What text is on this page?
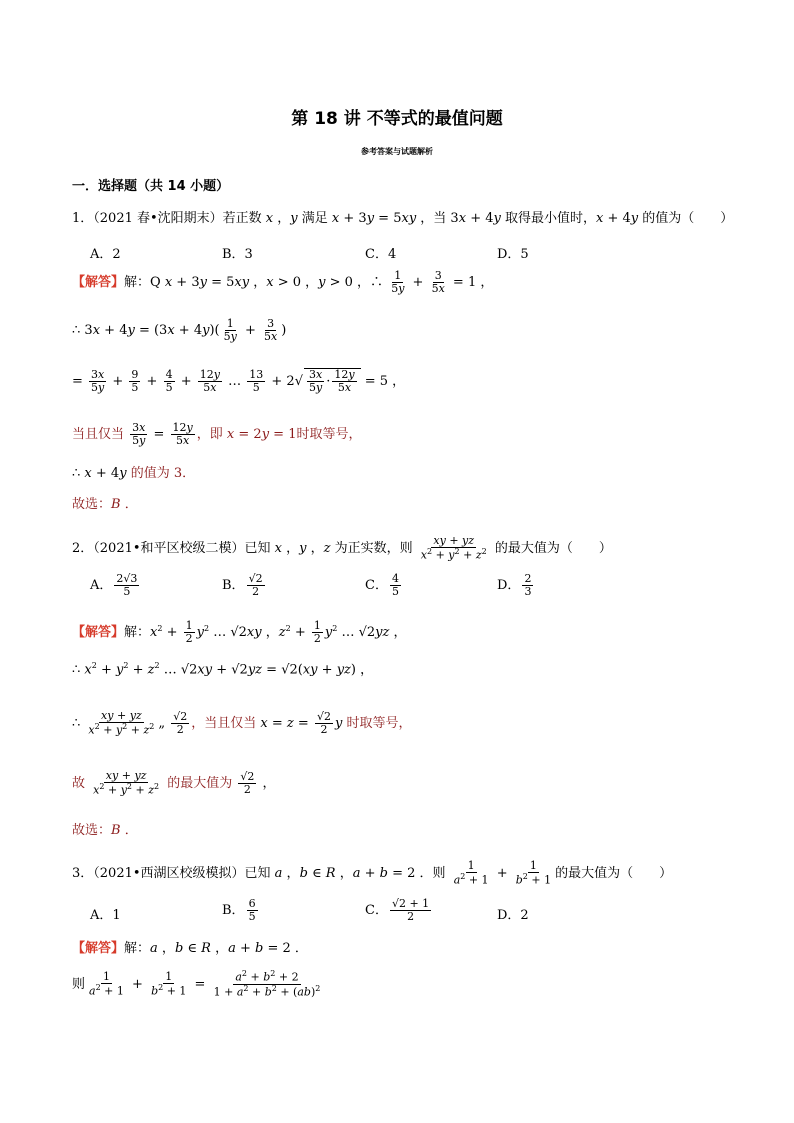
第 18 讲 不等式的最值问题
参考答案与试题解析
一．选择题（共 14 小题）
1．（2021 春•沈阳期末）若正数 x ，y 满足 x + 3y = 5xy ，当 3x + 4y 取得最小值时，x + 4y 的值为（　　）
A．2	B．3	C．4	D．5
【解答】解：Q x + 3y = 5xy ，x > 0 ，y > 0 ，∴ $\frac{1}{5y} + \frac{3}{5x} = 1$ ，
∴ $3x + 4y = (3x + 4y)( \frac{1}{5y} + \frac{3}{5x}$ )
= $\frac{3x}{5y} + \frac{9}{5} + \frac{4}{5} + \frac{12y}{5x}$ … $\frac{13}{5} + 2√ \frac{3x}{5y} \cdot \frac{12y}{5x} = 5$ ，
当且仅当 $\frac{3x}{5y} = \frac{12y}{5x}$ ，即 x = 2y = 1时取等号，
∴ x + 4y 的值为 3．
故选：B ．
2．（2021•和平区校级二模）已知 x ，y ，z 为正实数，则 $\frac{xy + yz}{x^2 + y^2 + z^2}$ 的最大值为（　　）
A． $\frac{2√3}{5}$	B． $\frac{√2}{2}$	C． $\frac{4}{5}$	D． $\frac{2}{3}$
【解答】解：$x^2 + \frac{1}{2} y^2$ … √2xy ，$z^2 + \frac{1}{2} y^2$ … √2yz ，
∴ $x^2 + y^2 + z^2$ … √2xy + √2yz = √2(xy + yz) ，
∴ $\frac{xy + yz}{x^2 + y^2 + z^2}$ „ $\frac{√2}{2}$ ，当且仅当 $x = z = \frac{√2}{2}$ y 时取等号，
故 $\frac{xy + yz}{x^2 + y^2 + z^2}$ 的最大值为 $\frac{√2}{2}$ ，
故选：B ．
3．（2021•西湖区校级模拟）已知 a ，b ∈ R ，a + b = 2 ．则 $\frac{1}{a^2 + 1} + \frac{1}{b^2 + 1}$ 的最大值为（　　）
A．1	B． $\frac{6}{5}$	C． $\frac{√2 + 1}{2}$	D．2
【解答】解：a ，b ∈ R ，a + b = 2 ．
则 $\frac{1}{a^2 + 1} + \frac{1}{b^2 + 1} = \frac{a^2 + b^2 + 2}{1 + a^2 + b^2 + (ab)^2}$
